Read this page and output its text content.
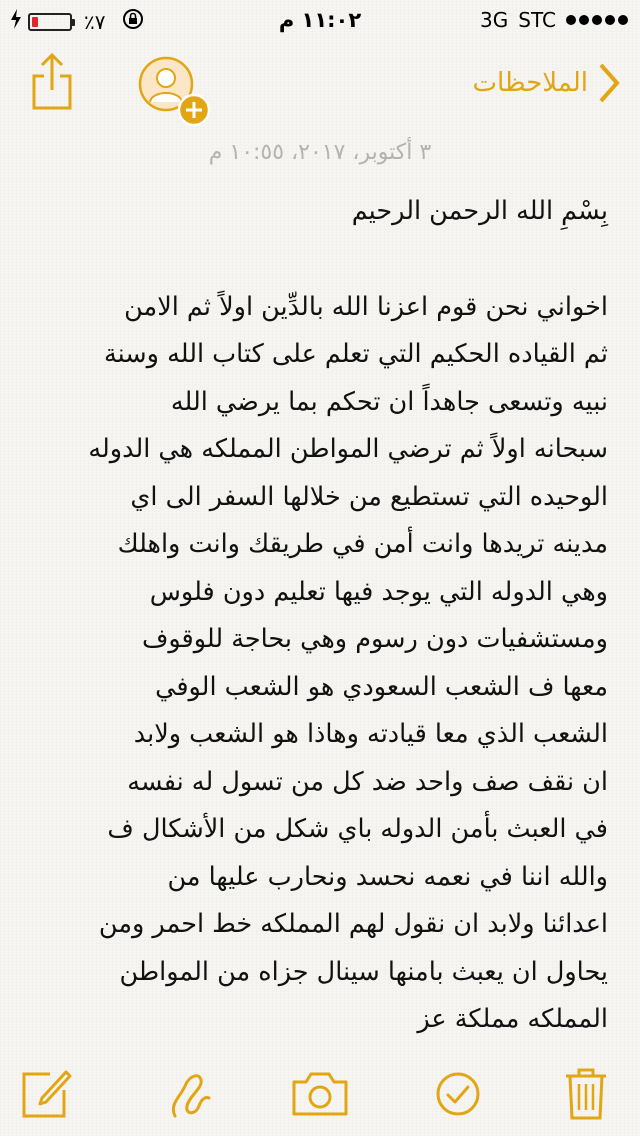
٪٧	١١:٠٢ م	3G STC
الملاحظات
٣ أكتوبر، ٢٠١٧، ١٠:٥٥ م

بِسْمِ الله الرحمن الرحيم

اخواني نحن قوم اعزنا الله بالدِّين اولاً ثم الامن

ثم القياده الحكيم التي تعلم على كتاب الله وسنة

نبيه وتسعى جاهداً ان تحكم بما يرضي الله

سبحانه اولاً ثم ترضي المواطن المملكه هي الدوله

الوحيده التي تستطيع من خلالها السفر الى اي

مدينه تريدها وانت أمن في طريقك وانت واهلك

وهي الدوله التي يوجد فيها تعليم دون فلوس

ومستشفيات دون رسوم وهي بحاجة للوقوف

معها ف الشعب السعودي هو الشعب الوفي

الشعب الذي معا قيادته وهاذا هو الشعب ولابد

ان نقف صف واحد ضد كل من تسول له نفسه

في العبث بأمن الدوله باي شكل من الأشكال ف

والله اننا في نعمه نحسد ونحارب عليها من

اعدائنا ولابد ان نقول لهم المملكه خط احمر ومن

يحاول ان يعبث بامنها سينال جزاه من المواطن

المملكه مملكة عز
